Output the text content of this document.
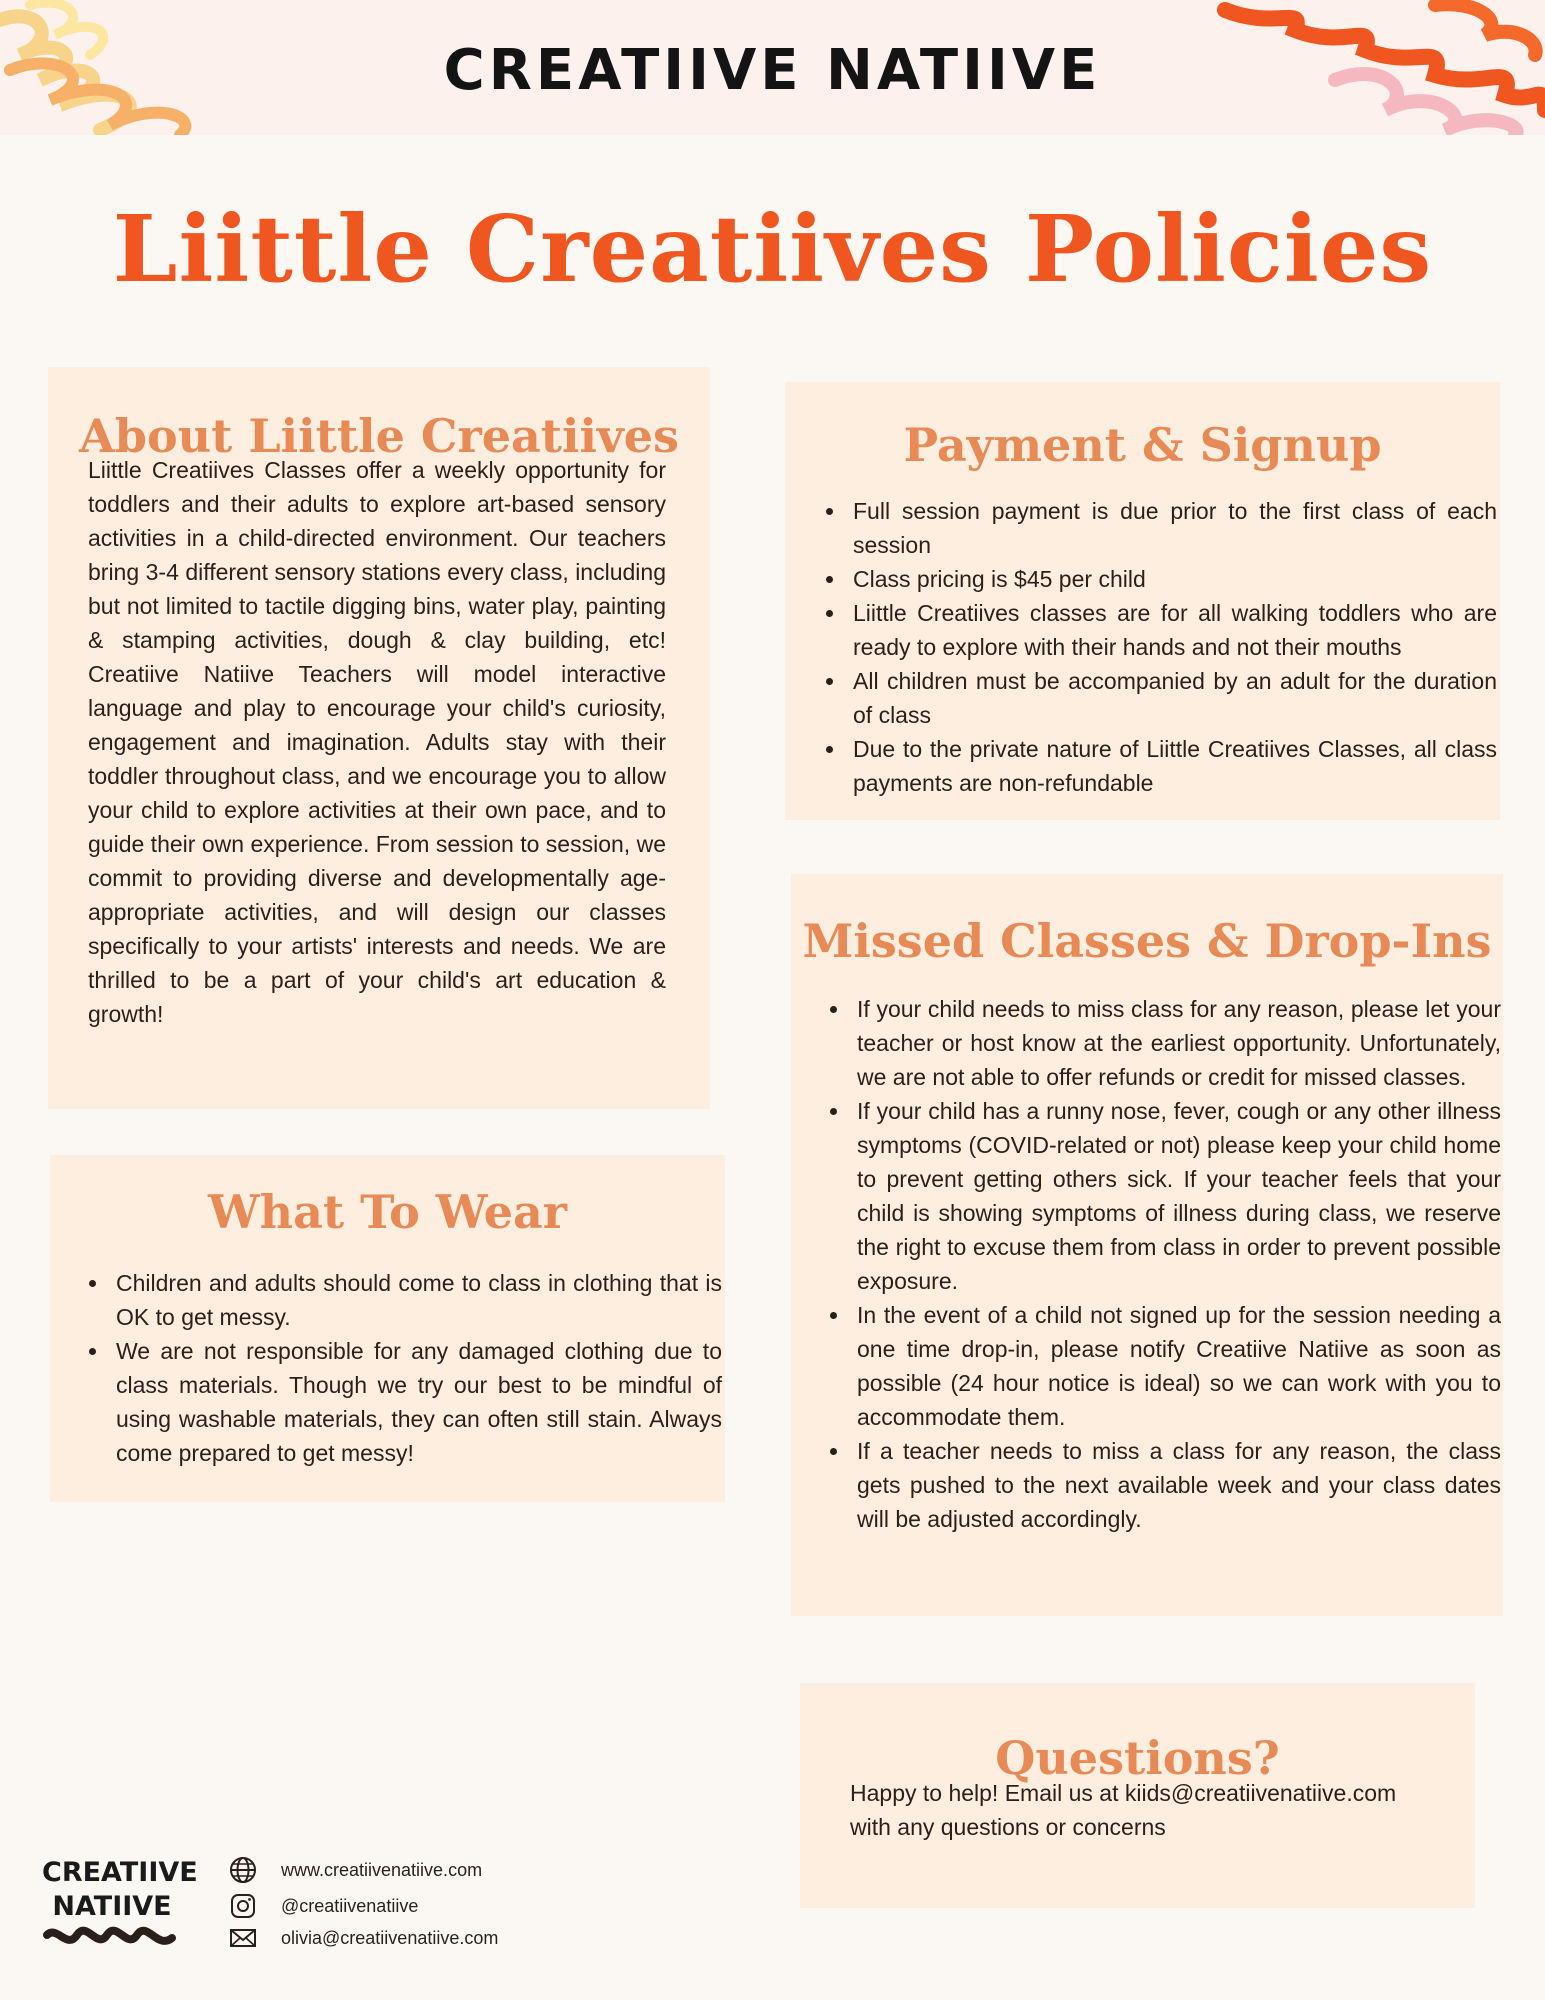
CREATIIVE NATIIVE
Liittle Creatiives Policies
About Liittle Creatiives

Liittle Creatiives Classes offer a weekly opportunity for toddlers and their adults to explore art-based sensory activities in a child-directed environment. Our teachers bring 3-4 different sensory stations every class, including but not limited to tactile digging bins, water play, painting & stamping activities, dough & clay building, etc! Creatiive Natiive Teachers will model interactive language and play to encourage your child's curiosity, engagement and imagination. Adults stay with their toddler throughout class, and we encourage you to allow your child to explore activities at their own pace, and to guide their own experience. From session to session, we commit to providing diverse and developmentally age-appropriate activities, and will design our classes specifically to your artists' interests and needs. We are thrilled to be a part of your child's art education & growth!

Payment & Signup
• Full session payment is due prior to the first class of each session
• Class pricing is $45 per child
• Liittle Creatiives classes are for all walking toddlers who are ready to explore with their hands and not their mouths
• All children must be accompanied by an adult for the duration of class
• Due to the private nature of Liittle Creatiives Classes, all class payments are non-refundable
What To Wear
• Children and adults should come to class in clothing that is OK to get messy.
• We are not responsible for any damaged clothing due to class materials. Though we try our best to be mindful of using washable materials, they can often still stain. Always come prepared to get messy!
Missed Classes & Drop-Ins
• If your child needs to miss class for any reason, please let your teacher or host know at the earliest opportunity. Unfortunately, we are not able to offer refunds or credit for missed classes.
• If your child has a runny nose, fever, cough or any other illness symptoms (COVID-related or not) please keep your child home to prevent getting others sick. If your teacher feels that your child is showing symptoms of illness during class, we reserve the right to excuse them from class in order to prevent possible exposure.
• In the event of a child not signed up for the session needing a one time drop-in, please notify Creatiive Natiive as soon as possible (24 hour notice is ideal) so we can work with you to accommodate them.
• If a teacher needs to miss a class for any reason, the class gets pushed to the next available week and your class dates will be adjusted accordingly.
Questions?

Happy to help! Email us at kiids@creatiivenatiive.com with any questions or concerns

CREATIIVE
NATIIVE
www.creatiivenatiive.com
@creatiivenatiive
olivia@creatiivenatiive.com
